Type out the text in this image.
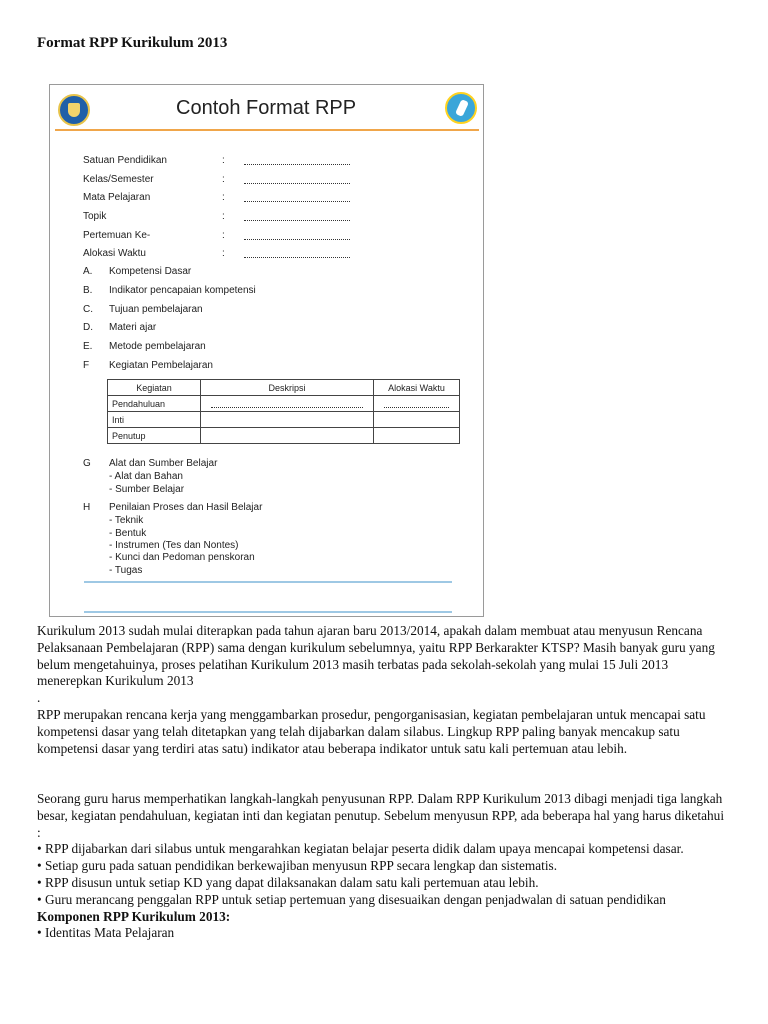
Format RPP Kurikulum 2013
Contoh Format RPP
Satuan Pendidikan	:
Kelas/Semester	:
Mata Pelajaran	:
Topik	:
Pertemuan Ke-	:
Alokasi Waktu	:
A. Kompetensi Dasar
B. Indikator pencapaian kompetensi
C. Tujuan pembelajaran
D. Materi ajar
E. Metode pembelajaran
F Kegiatan Pembelajaran
Kegiatan	Deskripsi	Alokasi Waktu
Pendahuluan	

Inti		
Penutup		
G Alat dan Sumber Belajar
- Alat dan Bahan
- Sumber Belajar
H Penilaian Proses dan Hasil Belajar
- Teknik
- Bentuk
- Instrumen (Tes dan Nontes)
- Kunci dan Pedoman penskoran
- Tugas

Kurikulum 2013 sudah mulai diterapkan pada tahun ajaran baru 2013/2014, apakah dalam membuat atau menyusun Rencana Pelaksanaan Pembelajaran (RPP) sama dengan kurikulum sebelumnya, yaitu RPP Berkarakter KTSP? Masih banyak guru yang belum mengetahuinya, proses pelatihan Kurikulum 2013 masih terbatas pada sekolah-sekolah yang mulai 15 Juli 2013 menerepkan Kurikulum 2013

.

RPP merupakan rencana kerja yang menggambarkan prosedur, pengorganisasian, kegiatan pembelajaran untuk mencapai satu kompetensi dasar yang telah ditetapkan yang telah dijabarkan dalam silabus. Lingkup RPP paling banyak mencakup satu kompetensi dasar yang terdiri atas satu) indikator atau beberapa indikator untuk satu kali pertemuan atau lebih.

Seorang guru harus memperhatikan langkah-langkah penyusunan RPP. Dalam RPP Kurikulum 2013 dibagi menjadi tiga langkah besar, kegiatan pendahuluan, kegiatan inti dan kegiatan penutup. Sebelum menyusun RPP, ada beberapa hal yang harus diketahui :

• RPP dijabarkan dari silabus untuk mengarahkan kegiatan belajar peserta didik dalam upaya mencapai kompetensi dasar.

• Setiap guru pada satuan pendidikan berkewajiban menyusun RPP secara lengkap dan sistematis.

• RPP disusun untuk setiap KD yang dapat dilaksanakan dalam satu kali pertemuan atau lebih.

• Guru merancang penggalan RPP untuk setiap pertemuan yang disesuaikan dengan penjadwalan di satuan pendidikan

Komponen RPP Kurikulum 2013:

• Identitas Mata Pelajaran
